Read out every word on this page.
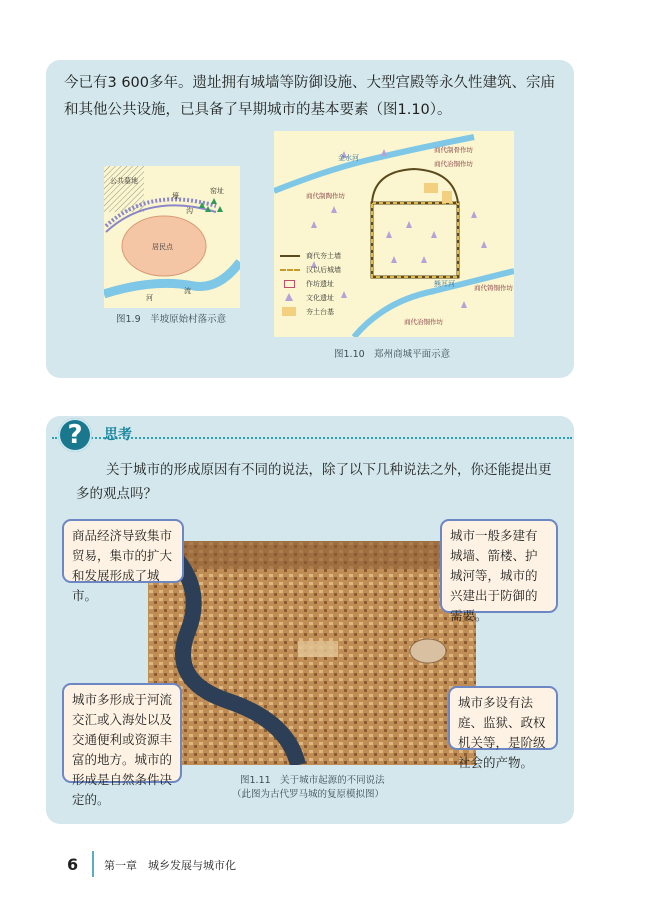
今已有3 600多年。遗址拥有城墙等防御设施、大型宫殿等永久性建筑、宗庙和其他公共设施，已具备了早期城市的基本要素（图1.10）。
公共墓地
壕
沟
窑址
居民点
河
流
图1.9　半坡原始村落示意
金水河
熊耳河
商代制骨作坊
商代冶铜作坊
商代制陶作坊
商代铸铜作坊
商代冶铜作坊
商代夯土墙
汉以后城墙
作坊遗址
文化遗址
夯土台基
图1.10　郑州商城平面示意
?	思考
关于城市的形成原因有不同的说法，除了以下几种说法之外，你还能提出更多的观点吗？
商品经济导致集市贸易，集市的扩大和发展形成了城市。
城市一般多建有城墙、箭楼、护城河等，城市的兴建出于防御的需要。
城市多形成于河流交汇或入海处以及交通便利或资源丰富的地方。城市的形成是自然条件决定的。
城市多设有法庭、监狱、政权机关等，是阶级社会的产物。
图1.11　关于城市起源的不同说法
（此图为古代罗马城的复原模拟图）
6 第一章　城乡发展与城市化
